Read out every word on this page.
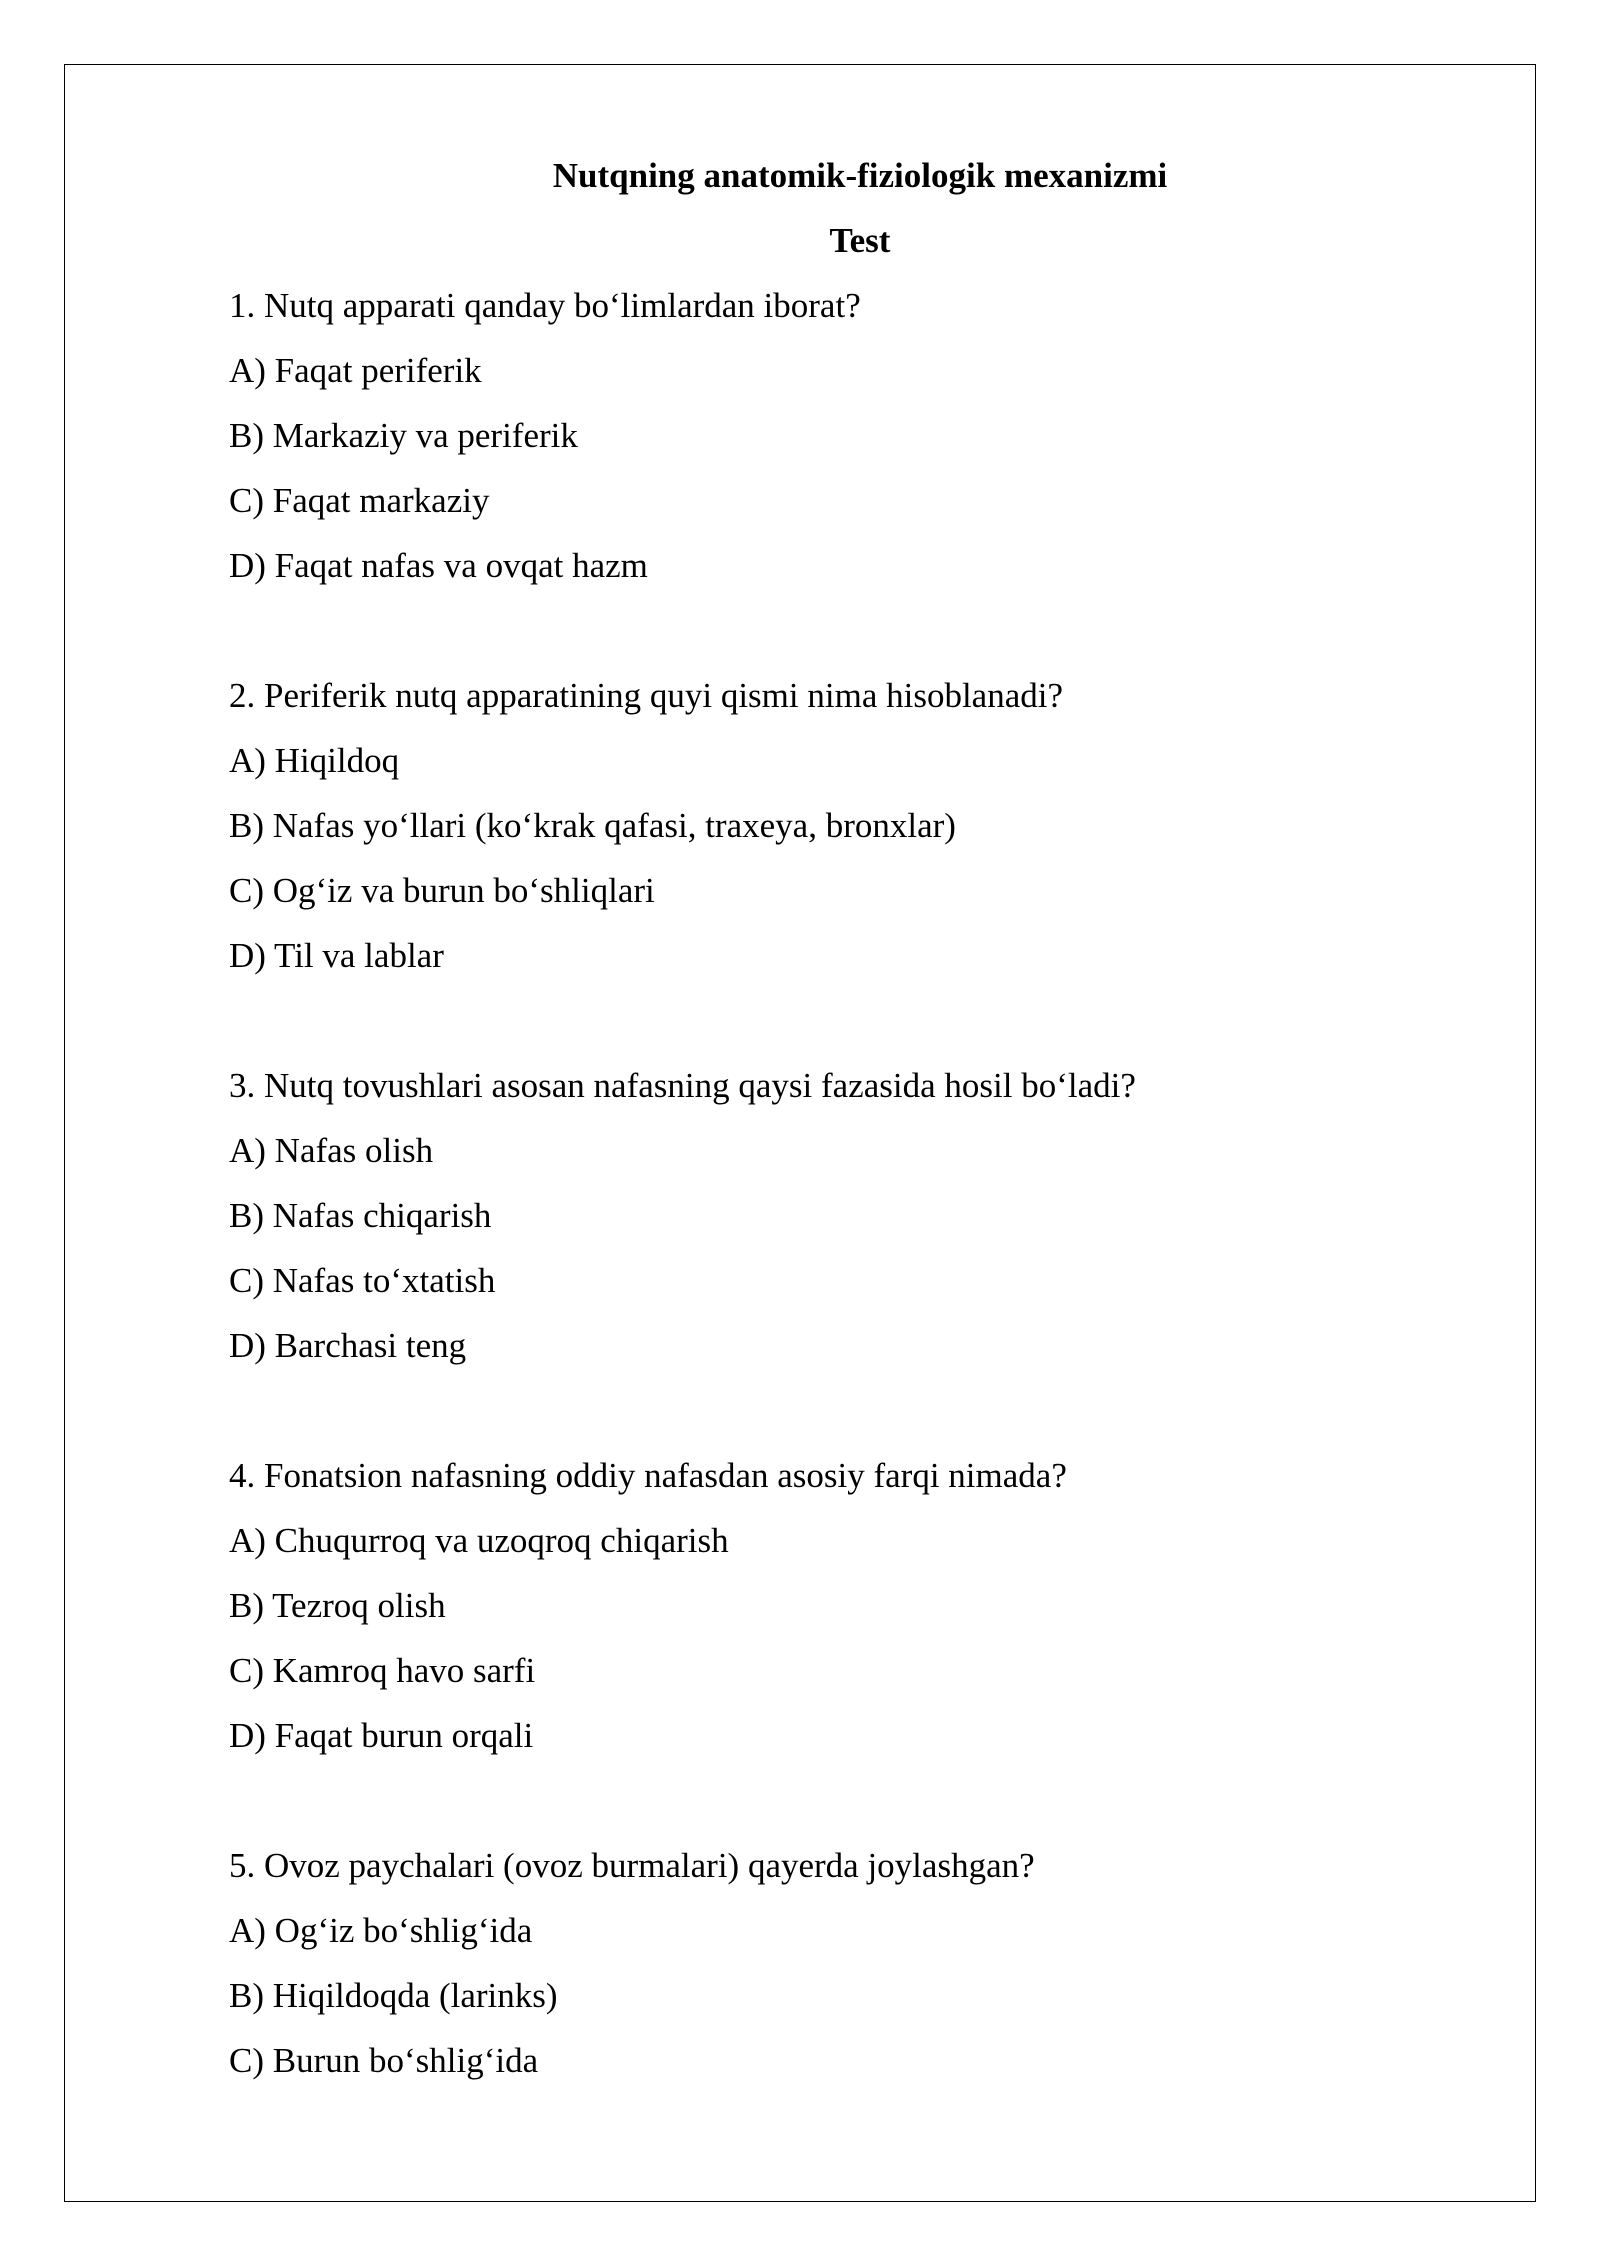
Nutqning anatomik-fiziologik mexanizmi
Test
1. Nutq apparati qanday bo‘limlardan iborat?
A) Faqat periferik
B) Markaziy va periferik
C) Faqat markaziy
D) Faqat nafas va ovqat hazm
2. Periferik nutq apparatining quyi qismi nima hisoblanadi?
A) Hiqildoq
B) Nafas yo‘llari (ko‘krak qafasi, traxeya, bronxlar)
C) Og‘iz va burun bo‘shliqlari
D) Til va lablar
3. Nutq tovushlari asosan nafasning qaysi fazasida hosil bo‘ladi?
A) Nafas olish
B) Nafas chiqarish
C) Nafas to‘xtatish
D) Barchasi teng
4. Fonatsion nafasning oddiy nafasdan asosiy farqi nimada?
A) Chuqurroq va uzoqroq chiqarish
B) Tezroq olish
C) Kamroq havo sarfi
D) Faqat burun orqali
5. Ovoz paychalari (ovoz burmalari) qayerda joylashgan?
A) Og‘iz bo‘shlig‘ida
B) Hiqildoqda (larinks)
C) Burun bo‘shlig‘ida
